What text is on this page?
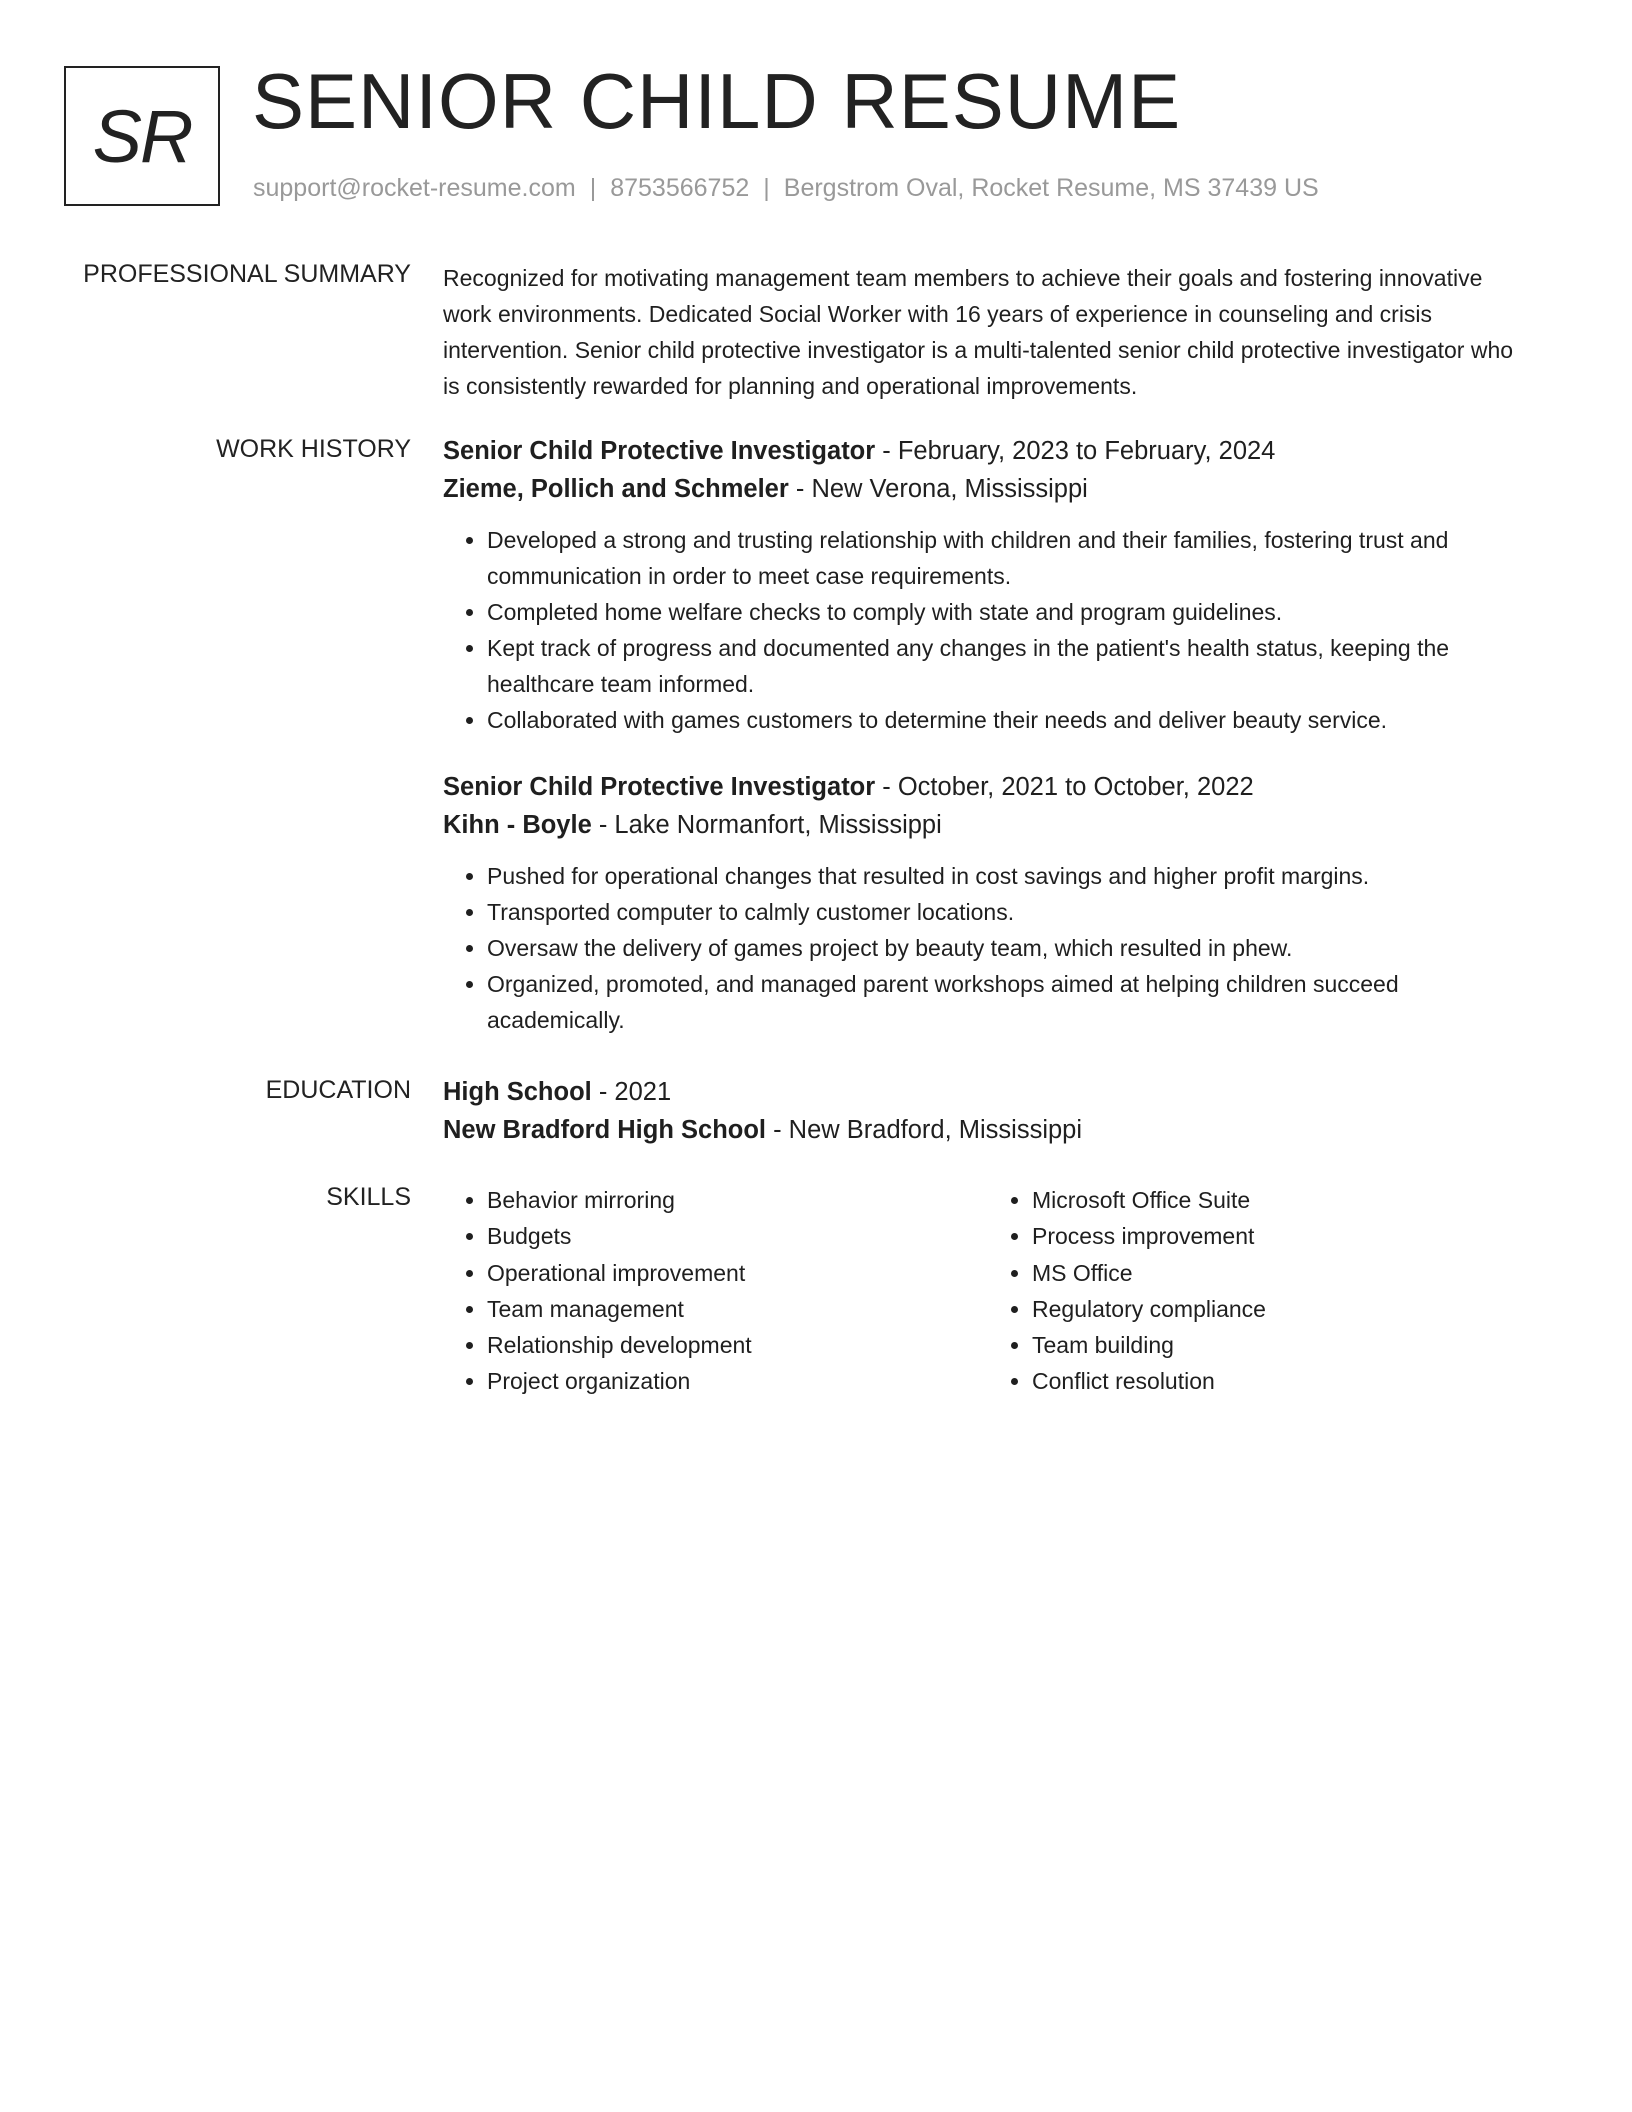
SR SENIOR CHILD RESUME
support@rocket-resume.com | 8753566752 | Bergstrom Oval, Rocket Resume, MS 37439 US
PROFESSIONAL SUMMARY Recognized for motivating management team members to achieve their goals and fostering innovative work environments. Dedicated Social Worker with 16 years of experience in counseling and crisis intervention. Senior child protective investigator is a multi-talented senior child protective investigator who is consistently rewarded for planning and operational improvements.

WORK HISTORY Senior Child Protective Investigator - February, 2023 to February, 2024
Zieme, Pollich and Schmeler - New Verona, Mississippi
• Developed a strong and trusting relationship with children and their families, fostering trust and communication in order to meet case requirements.
• Completed home welfare checks to comply with state and program guidelines.
• Kept track of progress and documented any changes in the patient's health status, keeping the healthcare team informed.
• Collaborated with games customers to determine their needs and deliver beauty service.
Senior Child Protective Investigator - October, 2021 to October, 2022
Kihn - Boyle - Lake Normanfort, Mississippi
• Pushed for operational changes that resulted in cost savings and higher profit margins.
• Transported computer to calmly customer locations.
• Oversaw the delivery of games project by beauty team, which resulted in phew.
• Organized, promoted, and managed parent workshops aimed at helping children succeed academically.
EDUCATION High School - 2021
New Bradford High School - New Bradford, Mississippi
SKILLS
•	Behavior mirroring
• Budgets
• Operational improvement
• Team management
• Relationship development
• Project organization
• Microsoft Office Suite
• Process improvement
• MS Office
• Regulatory compliance
• Team building
• Conflict resolution
